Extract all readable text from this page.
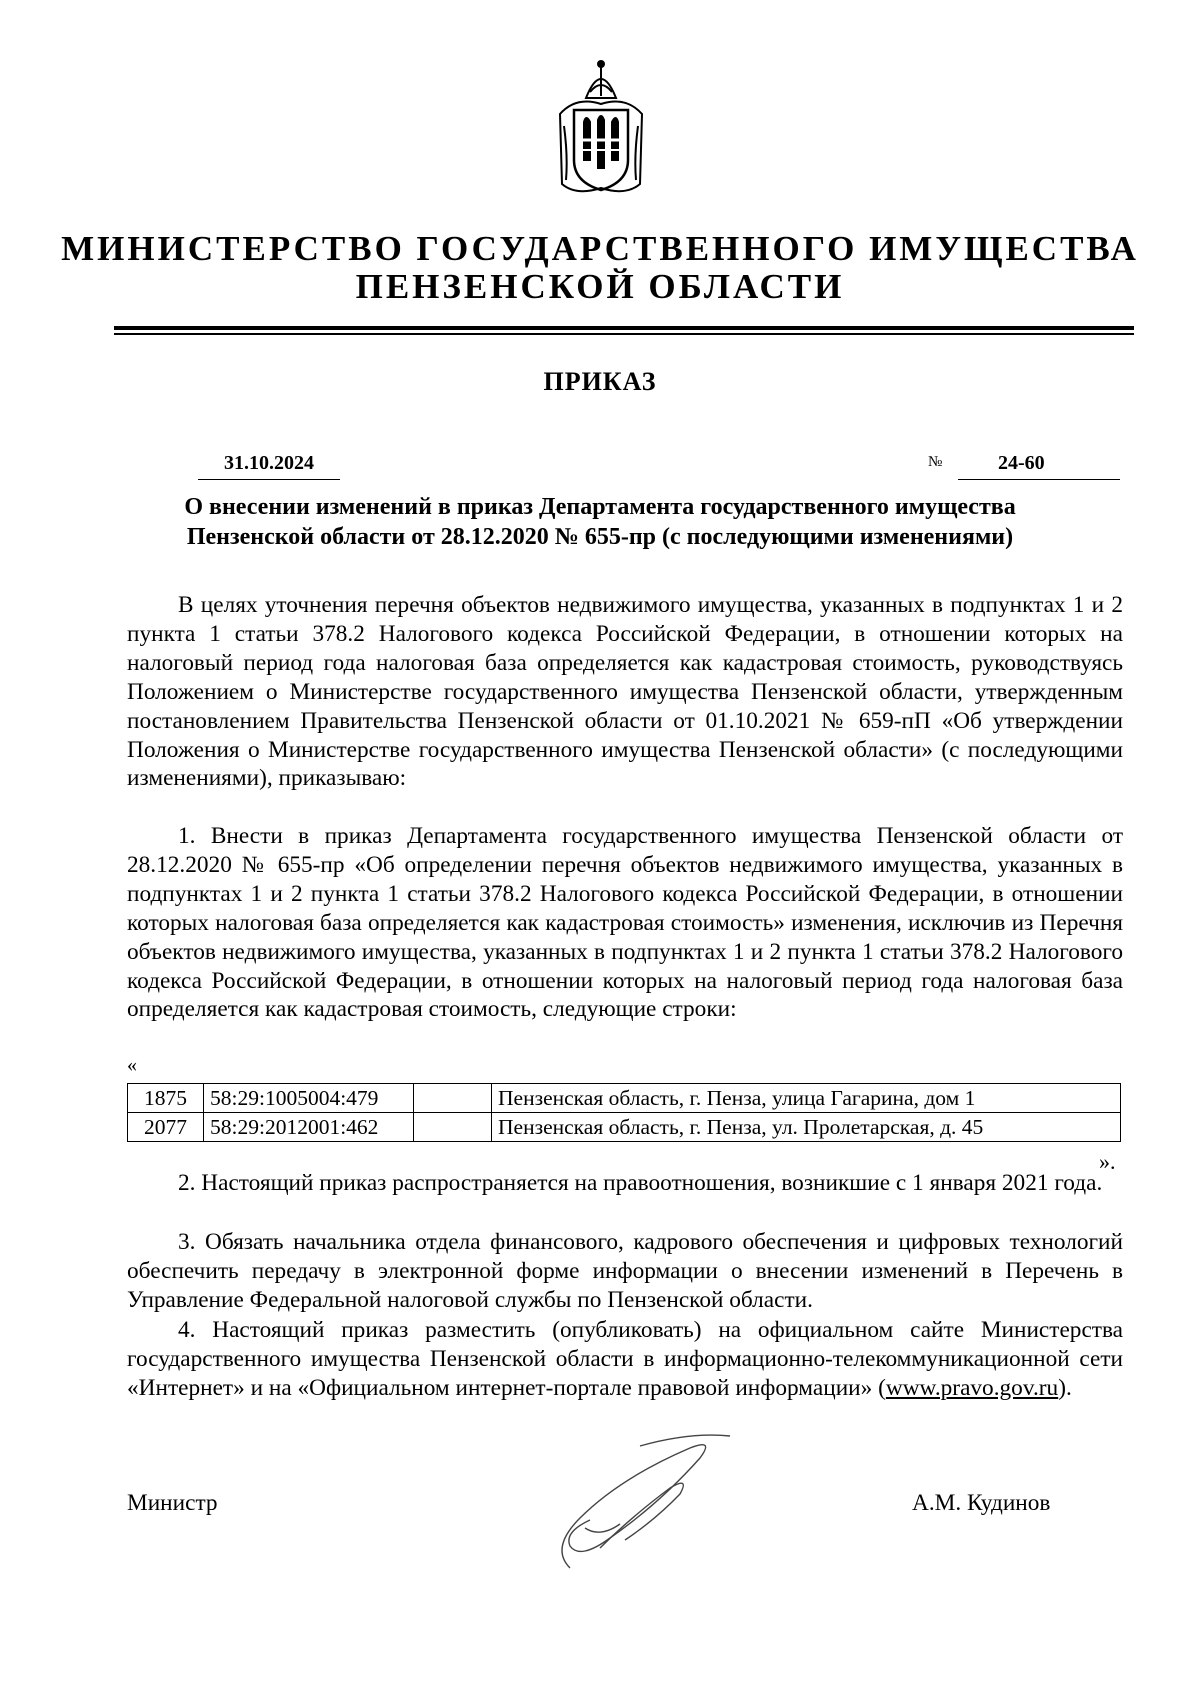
МИНИСТЕРСТВО ГОСУДАРСТВЕННОГО ИМУЩЕСТВА
ПЕНЗЕНСКОЙ ОБЛАСТИ
ПРИКАЗ
31.10.2024	№	24-60
О внесении изменений в приказ Департамента государственного имущества Пензенской области от 28.12.2020 № 655-пр (с последующими изменениями)

В целях уточнения перечня объектов недвижимого имущества, указанных в подпунктах 1 и 2 пункта 1 статьи 378.2 Налогового кодекса Российской Федерации, в отношении которых на налоговый период года налоговая база определяется как кадастровая стоимость, руководствуясь Положением о Министерстве государственного имущества Пензенской области, утвержденным постановлением Правительства Пензенской области от 01.10.2021 № 659-пП «Об утверждении Положения о Министерстве государственного имущества Пензенской области» (с последующими изменениями), приказываю:

1. Внести в приказ Департамента государственного имущества Пензенской области от 28.12.2020 № 655-пр «Об определении перечня объектов недвижимого имущества, указанных в подпунктах 1 и 2 пункта 1 статьи 378.2 Налогового кодекса Российской Федерации, в отношении которых налоговая база определяется как кадастровая стоимость» изменения, исключив из Перечня объектов недвижимого имущества, указанных в подпунктах 1 и 2 пункта 1 статьи 378.2 Налогового кодекса Российской Федерации, в отношении которых на налоговый период года налоговая база определяется как кадастровая стоимость, следующие строки:

«
1875	58:29:1005004:479		Пензенская область, г. Пенза, улица Гагарина, дом 1
2077	58:29:2012001:462		Пензенская область, г. Пенза, ул. Пролетарская, д. 45
».

2. Настоящий приказ распространяется на правоотношения, возникшие с 1 января 2021 года.

3. Обязать начальника отдела финансового, кадрового обеспечения и цифровых технологий обеспечить передачу в электронной форме информации о внесении изменений в Перечень в Управление Федеральной налоговой службы по Пензенской области.

4. Настоящий приказ разместить (опубликовать) на официальном сайте Министерства государственного имущества Пензенской области в информационно-телекоммуникационной сети «Интернет» и на «Официальном интернет-портале правовой информации» (www.pravo.gov.ru).

Министр	А.М. Кудинов
